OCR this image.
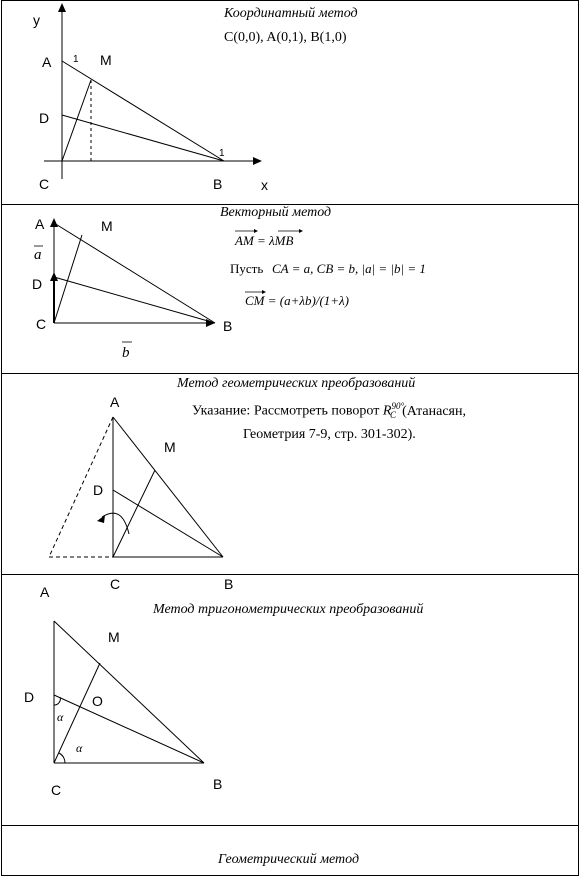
Координатный метод
C(0,0), A(0,1), B(1,0)
y
x
A 1 M
D
1
C	B
Векторный метод
AM = λMB
Пусть CA = a, CB = b, |a| = |b| = 1
CM = (a+λb)/(1+λ)
A	M
a
D
C	B
b
Метод геометрических преобразований
Указание: Рассмотреть поворот $R^{90^\circ}_C$ (Атанасян,
Геометрия 7-9, стр. 301-302).
A
M
D
Метод тригонометрических преобразований
M
D	O
α
α
C	B
C	B
A
Геометрический метод
